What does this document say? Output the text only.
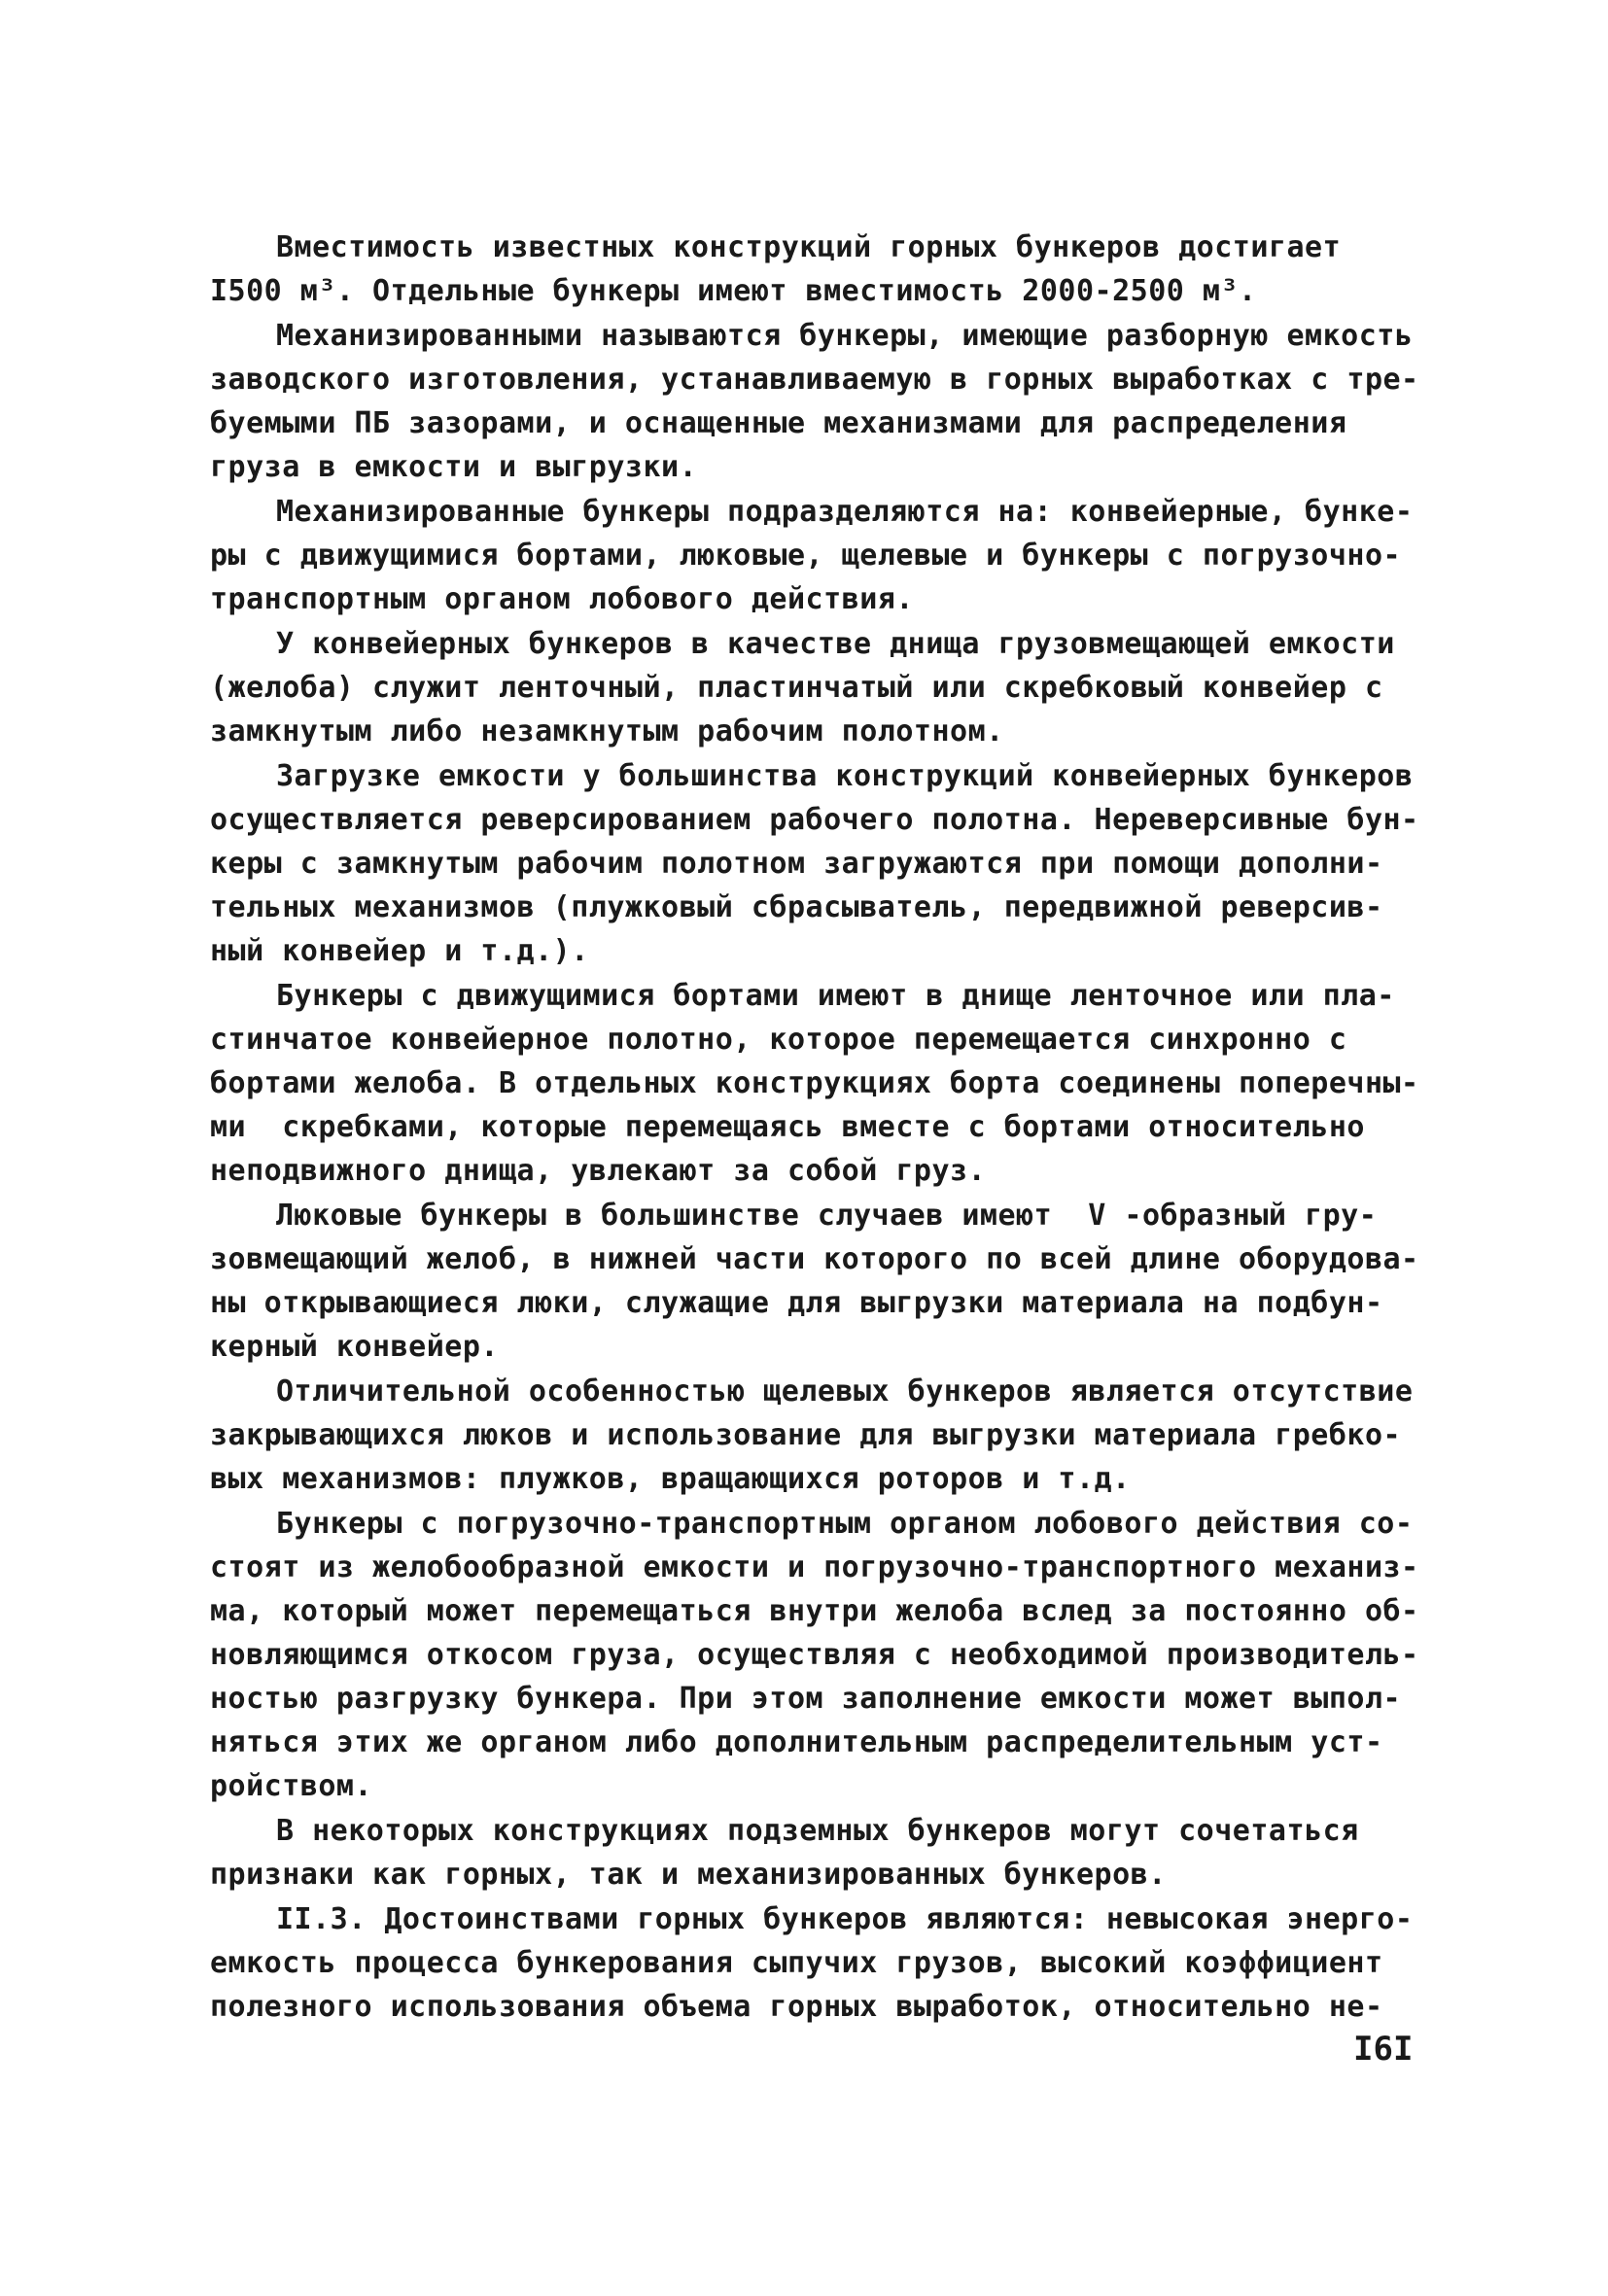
Вместимость известных конструкций горных бункеров достигает
I500 м³. Отдельные бункеры имеют вместимость 2000-2500 м³.
Механизированными называются бункеры, имеющие разборную емкость
заводского изготовления, устанавливаемую в горных выработках с тре-
буемыми ПБ зазорами, и оснащенные механизмами для распределения
груза в емкости и выгрузки.
Механизированные бункеры подразделяются на: конвейерные, бунке-
ры с движущимися бортами, люковые, щелевые и бункеры с погрузочно-
транспортным органом лобового действия.
У конвейерных бункеров в качестве днища грузовмещающей емкости
(желоба) служит ленточный, пластинчатый или скребковый конвейер с
замкнутым либо незамкнутым рабочим полотном.
Загрузке емкости у большинства конструкций конвейерных бункеров
осуществляется реверсированием рабочего полотна. Нереверсивные бун-
керы с замкнутым рабочим полотном загружаются при помощи дополни-
тельных механизмов (плужковый сбрасыватель, передвижной реверсив-
ный конвейер и т.д.).
Бункеры с движущимися бортами имеют в днище ленточное или пла-
стинчатое конвейерное полотно, которое перемещается синхронно с
бортами желоба. В отдельных конструкциях борта соединены поперечны-
ми  скребками, которые перемещаясь вместе с бортами относительно
неподвижного днища, увлекают за собой груз.
Люковые бункеры в большинстве случаев имеют  V -образный гру-
зовмещающий желоб, в нижней части которого по всей длине оборудова-
ны открывающиеся люки, служащие для выгрузки материала на подбун-
керный конвейер.
Отличительной особенностью щелевых бункеров является отсутствие
закрывающихся люков и использование для выгрузки материала гребко-
вых механизмов: плужков, вращающихся роторов и т.д.
Бункеры с погрузочно-транспортным органом лобового действия со-
стоят из желобообразной емкости и погрузочно-транспортного механиз-
ма, который может перемещаться внутри желоба вслед за постоянно об-
новляющимся откосом груза, осуществляя с необходимой производитель-
ностью разгрузку бункера. При этом заполнение емкости может выпол-
няться этих же органом либо дополнительным распределительным уст-
ройством.
В некоторых конструкциях подземных бункеров могут сочетаться
признаки как горных, так и механизированных бункеров.
II.3. Достоинствами горных бункеров являются: невысокая энерго-
емкость процесса бункерования сыпучих грузов, высокий коэффициент
полезного использования объема горных выработок, относительно не-
I6I
